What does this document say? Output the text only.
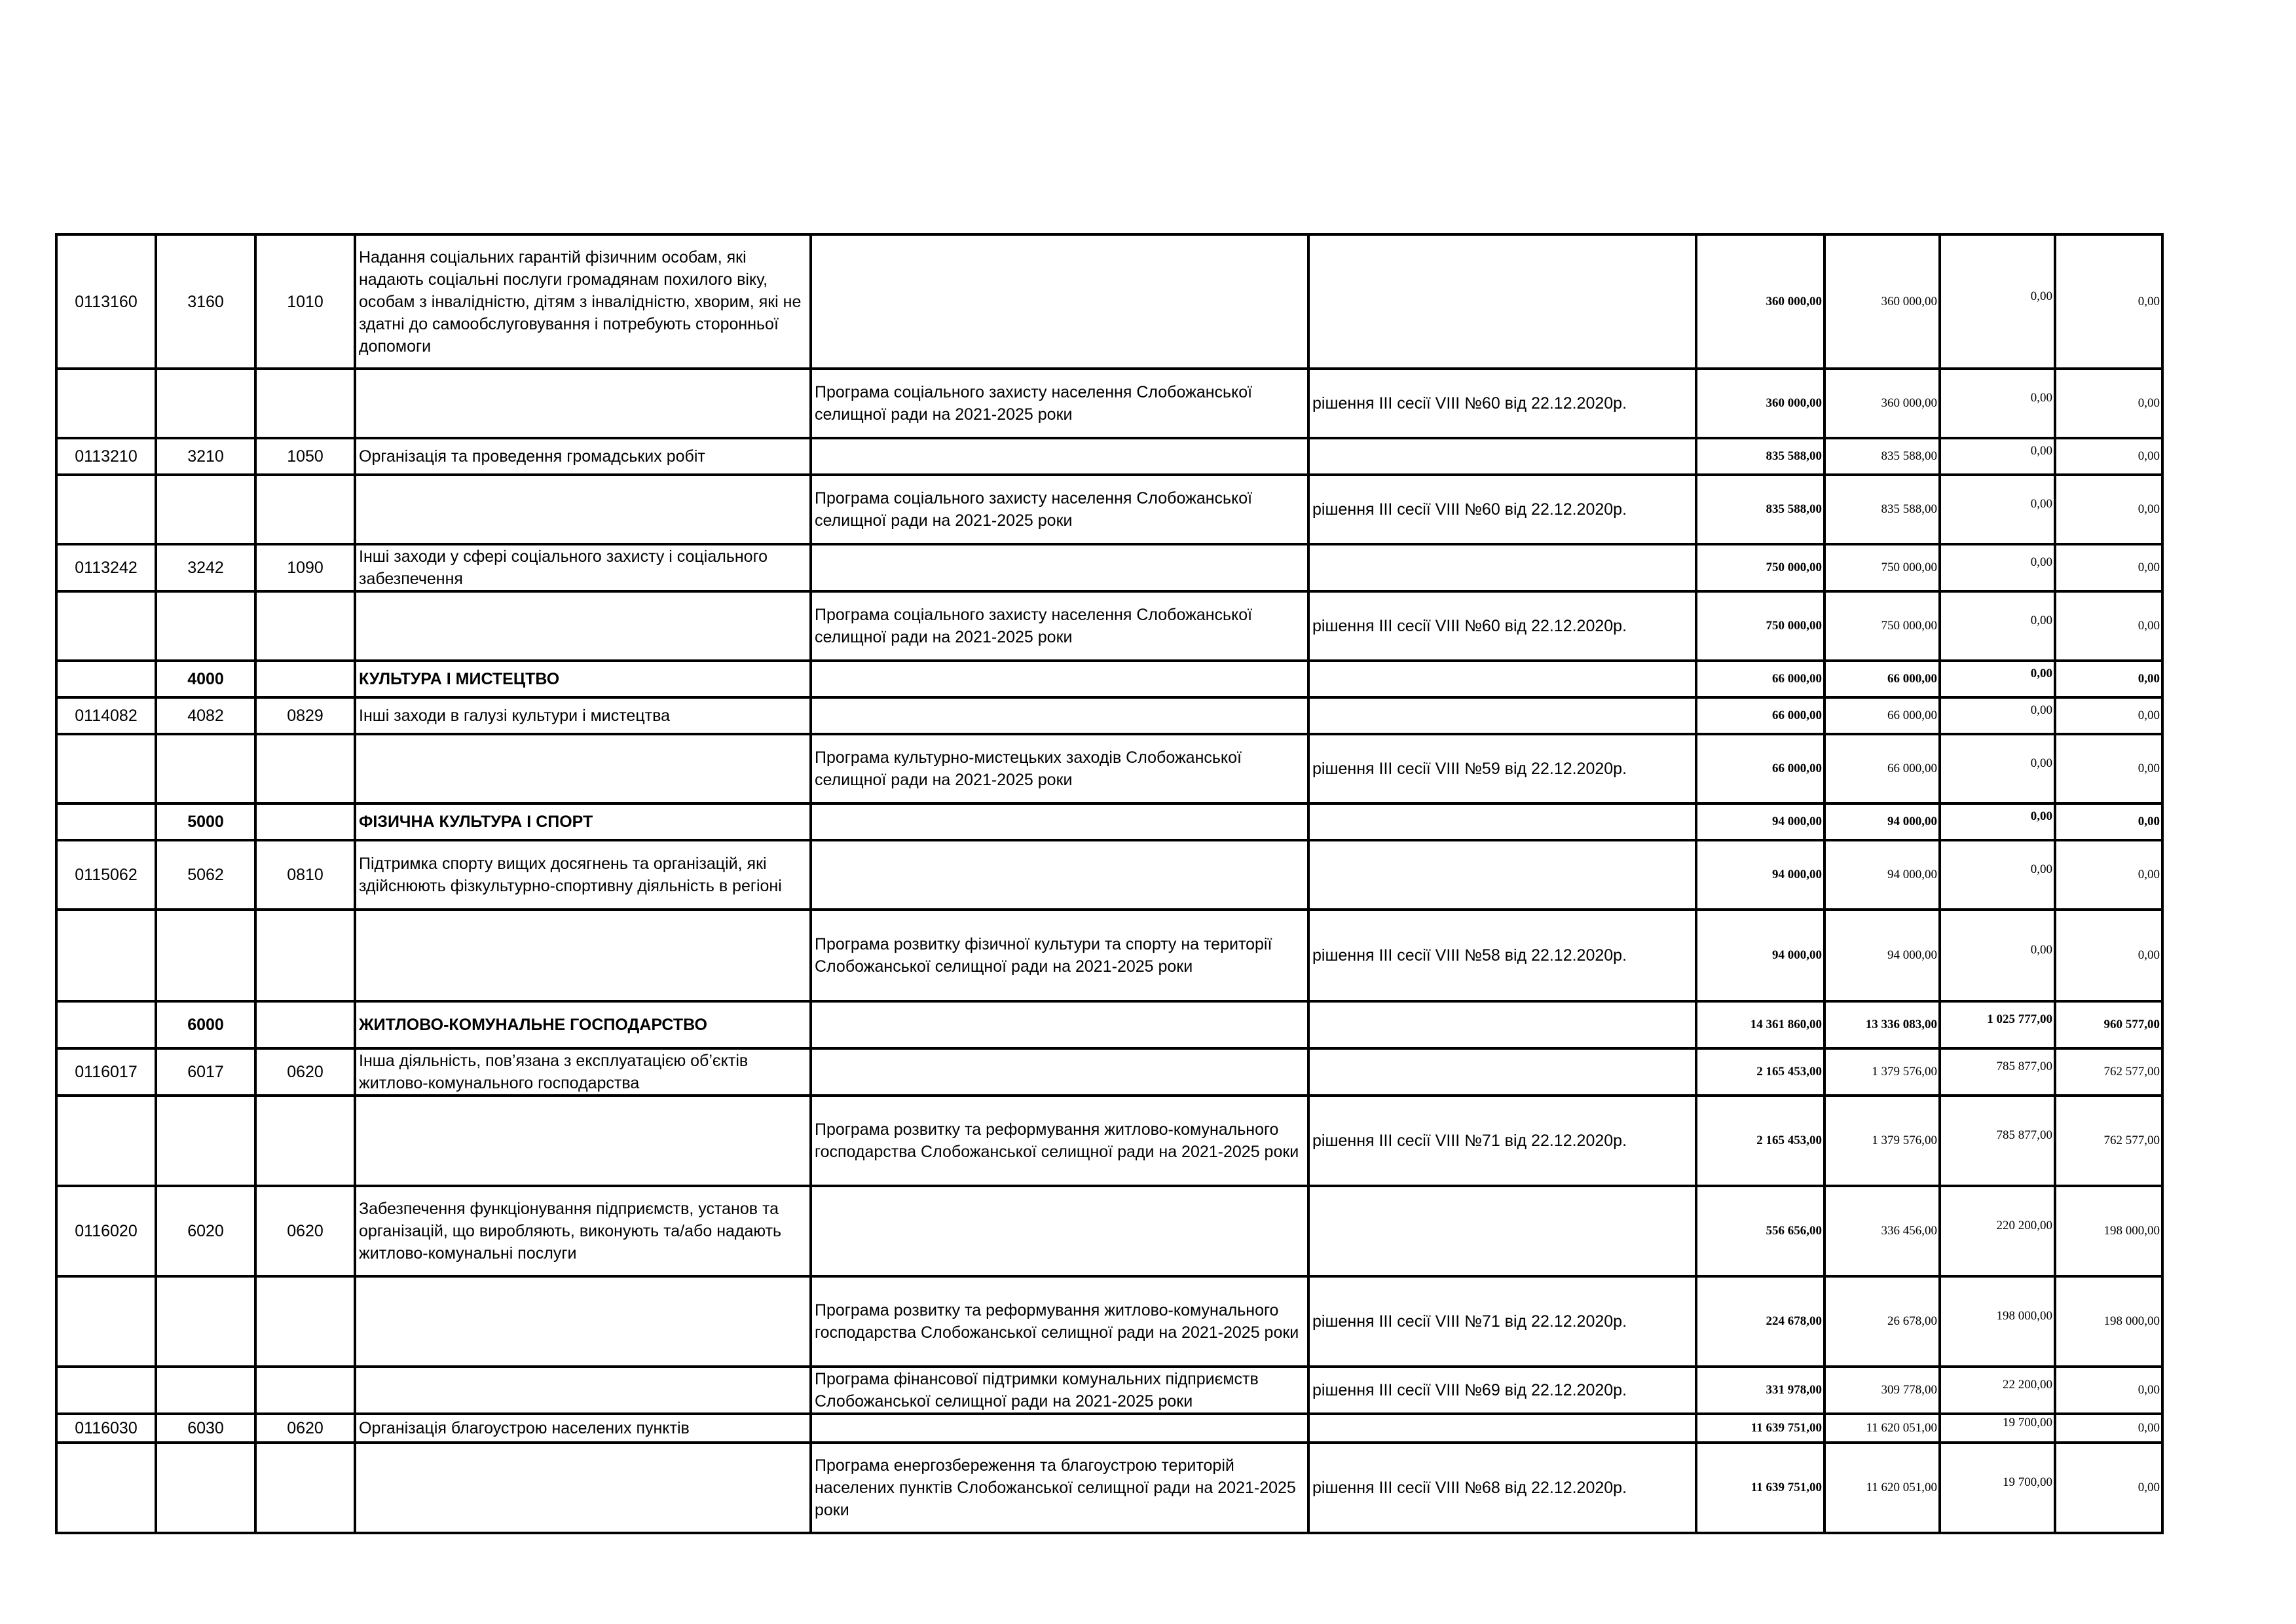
0113160	3160	1010	Надання соціальних гарантій фізичним особам, які надають соціальні послуги громадянам похилого віку, особам з інвалідністю, дітям з інвалідністю, хворим, які не здатні до самообслуговування і потребують сторонньої допомоги			360 000,00	360 000,00	0,00	0,00
				Програма соціального захисту населення Слобожанської селищної ради на 2021-2025 роки	рішення ІІІ сесії VIII №60 від 22.12.2020р.	360 000,00	360 000,00	0,00	0,00
0113210	3210	1050	Організація та проведення громадських робіт			835 588,00	835 588,00	0,00	0,00
				Програма соціального захисту населення Слобожанської селищної ради на 2021-2025 роки	рішення ІІІ сесії VIII №60 від 22.12.2020р.	835 588,00	835 588,00	0,00	0,00
0113242	3242	1090	Інші заходи у сфері соціального захисту і соціального забезпечення			750 000,00	750 000,00	0,00	0,00
				Програма соціального захисту населення Слобожанської селищної ради на 2021-2025 роки	рішення ІІІ сесії VIII №60 від 22.12.2020р.	750 000,00	750 000,00	0,00	0,00
	4000		КУЛЬТУРА І МИСТЕЦТВО			66 000,00	66 000,00	0,00	0,00
0114082	4082	0829	Інші заходи в галузі культури і мистецтва			66 000,00	66 000,00	0,00	0,00
				Програма культурно-мистецьких заходів Слобожанської селищної ради на 2021-2025 роки	рішення ІІІ сесії VIII №59 від 22.12.2020р.	66 000,00	66 000,00	0,00	0,00
	5000		ФІЗИЧНА КУЛЬТУРА І СПОРТ			94 000,00	94 000,00	0,00	0,00
0115062	5062	0810	Підтримка спорту вищих досягнень та організацій, які здійснюють фізкультурно-спортивну діяльність в регіоні			94 000,00	94 000,00	0,00	0,00
				Програма розвитку фізичної культури та спорту на території Слобожанської селищної ради на 2021-2025 роки	рішення ІІІ сесії VIII №58 від 22.12.2020р.	94 000,00	94 000,00	0,00	0,00
	6000		ЖИТЛОВО-КОМУНАЛЬНЕ ГОСПОДАРСТВО			14 361 860,00	13 336 083,00	1 025 777,00	960 577,00
0116017	6017	0620	Інша діяльність, пов’язана з експлуатацією об’єктів житлово-комунального господарства			2 165 453,00	1 379 576,00	785 877,00	762 577,00
				Програма розвитку та реформування житлово-комунального господарства Слобожанської селищної ради на 2021-2025 роки	рішення ІІІ сесії VIII №71 від 22.12.2020р.	2 165 453,00	1 379 576,00	785 877,00	762 577,00
0116020	6020	0620	Забезпечення функціонування підприємств, установ та організацій, що виробляють, виконують та/або надають житлово-комунальні послуги			556 656,00	336 456,00	220 200,00	198 000,00
				Програма розвитку та реформування житлово-комунального господарства Слобожанської селищної ради на 2021-2025 роки	рішення ІІІ сесії VIII №71 від 22.12.2020р.	224 678,00	26 678,00	198 000,00	198 000,00
				Програма фінансової підтримки комунальних підприємств Слобожанської селищної ради на 2021-2025 роки	рішення ІІІ сесії VIII №69 від 22.12.2020р.	331 978,00	309 778,00	22 200,00	0,00
0116030	6030	0620	Організація благоустрою населених пунктів			11 639 751,00	11 620 051,00	19 700,00	0,00
				Програма енергозбереження та благоустрою територій населених пунктів Слобожанської селищної ради на 2021-2025 роки	рішення ІІІ сесії VIII №68 від 22.12.2020р.	11 639 751,00	11 620 051,00	19 700,00	0,00
